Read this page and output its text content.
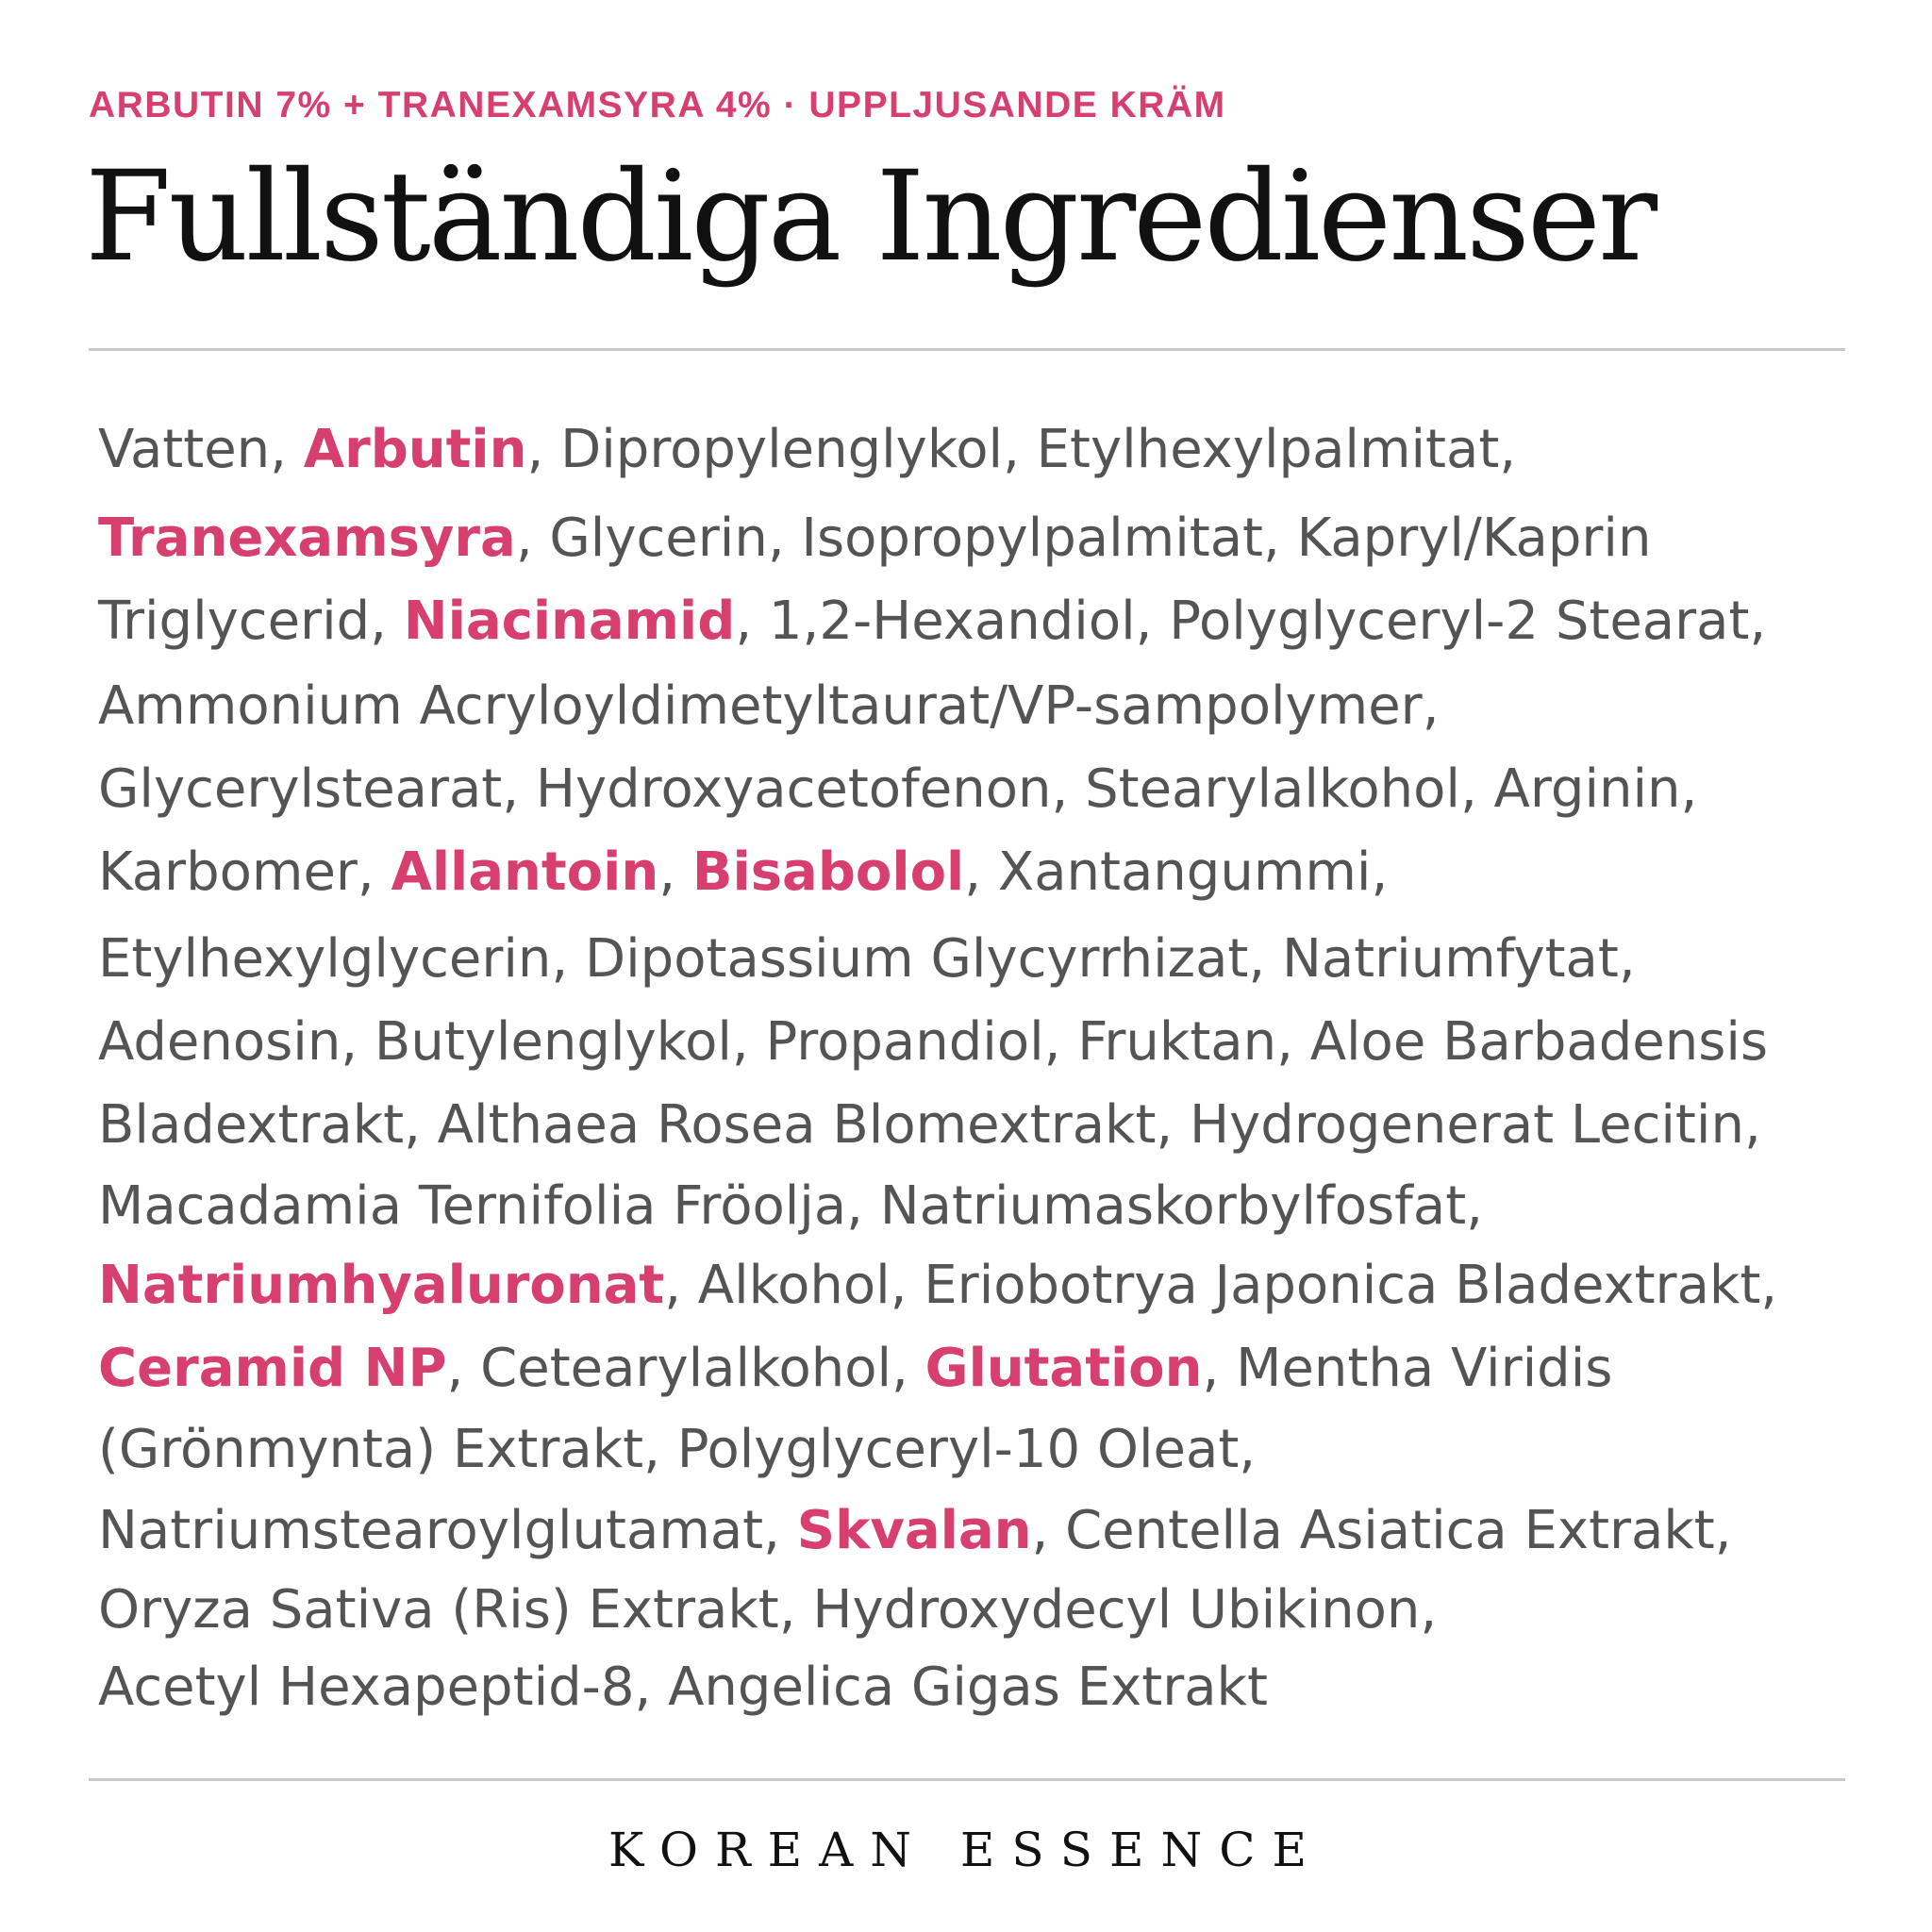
ARBUTIN 7% + TRANEXAMSYRA 4% · UPPLJUSANDE KRÄM
Fullständiga Ingredienser
Vatten, Arbutin, Dipropylenglykol, Etylhexylpalmitat,
Tranexamsyra, Glycerin, Isopropylpalmitat, Kapryl/Kaprin
Triglycerid, Niacinamid, 1,2-Hexandiol, Polyglyceryl-2 Stearat,
Ammonium Acryloyldimetyltaurat/VP-sampolymer,
Glycerylstearat, Hydroxyacetofenon, Stearylalkohol, Arginin,
Karbomer, Allantoin, Bisabolol, Xantangummi,
Etylhexylglycerin, Dipotassium Glycyrrhizat, Natriumfytat,
Adenosin, Butylenglykol, Propandiol, Fruktan, Aloe Barbadensis
Bladextrakt, Althaea Rosea Blomextrakt, Hydrogenerat Lecitin,
Macadamia Ternifolia Fröolja, Natriumaskorbylfosfat,
Natriumhyaluronat, Alkohol, Eriobotrya Japonica Bladextrakt,
Ceramid NP, Cetearylalkohol, Glutation, Mentha Viridis
(Grönmynta) Extrakt, Polyglyceryl-10 Oleat,
Natriumstearoylglutamat, Skvalan, Centella Asiatica Extrakt,
Oryza Sativa (Ris) Extrakt, Hydroxydecyl Ubikinon,
Acetyl Hexapeptid-8, Angelica Gigas Extrakt
KOREAN ESSENCE
